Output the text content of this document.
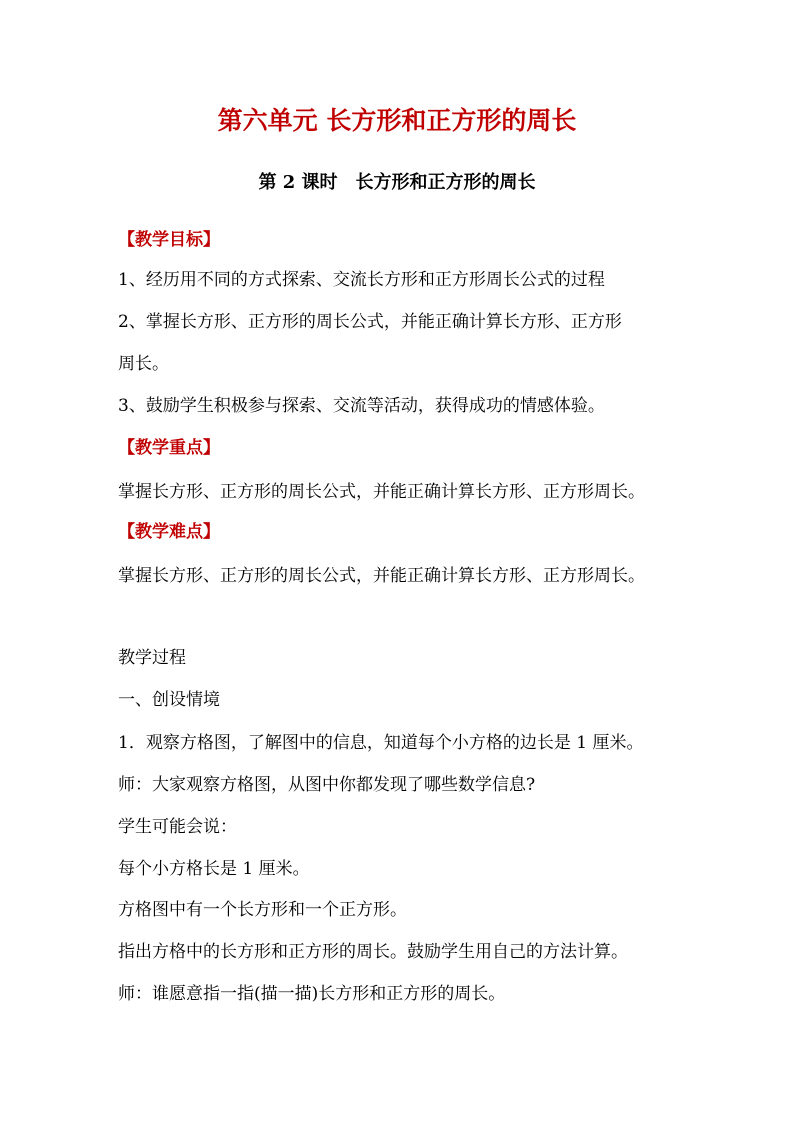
第六单元 长方形和正方形的周长
第 2 课时　长方形和正方形的周长
【教学目标】
1、经历用不同的方式探索、交流长方形和正方形周长公式的过程
2、掌握长方形、正方形的周长公式，并能正确计算长方形、正方形
周长。
3、鼓励学生积极参与探索、交流等活动，获得成功的情感体验。
【教学重点】
掌握长方形、正方形的周长公式，并能正确计算长方形、正方形周长。
【教学难点】
掌握长方形、正方形的周长公式，并能正确计算长方形、正方形周长。
教学过程
一、创设情境
1．观察方格图，了解图中的信息，知道每个小方格的边长是 1 厘米。
师：大家观察方格图，从图中你都发现了哪些数学信息?
学生可能会说：
每个小方格长是 1 厘米。
方格图中有一个长方形和一个正方形。
指出方格中的长方形和正方形的周长。鼓励学生用自己的方法计算。
师：谁愿意指一指(描一描)长方形和正方形的周长。
